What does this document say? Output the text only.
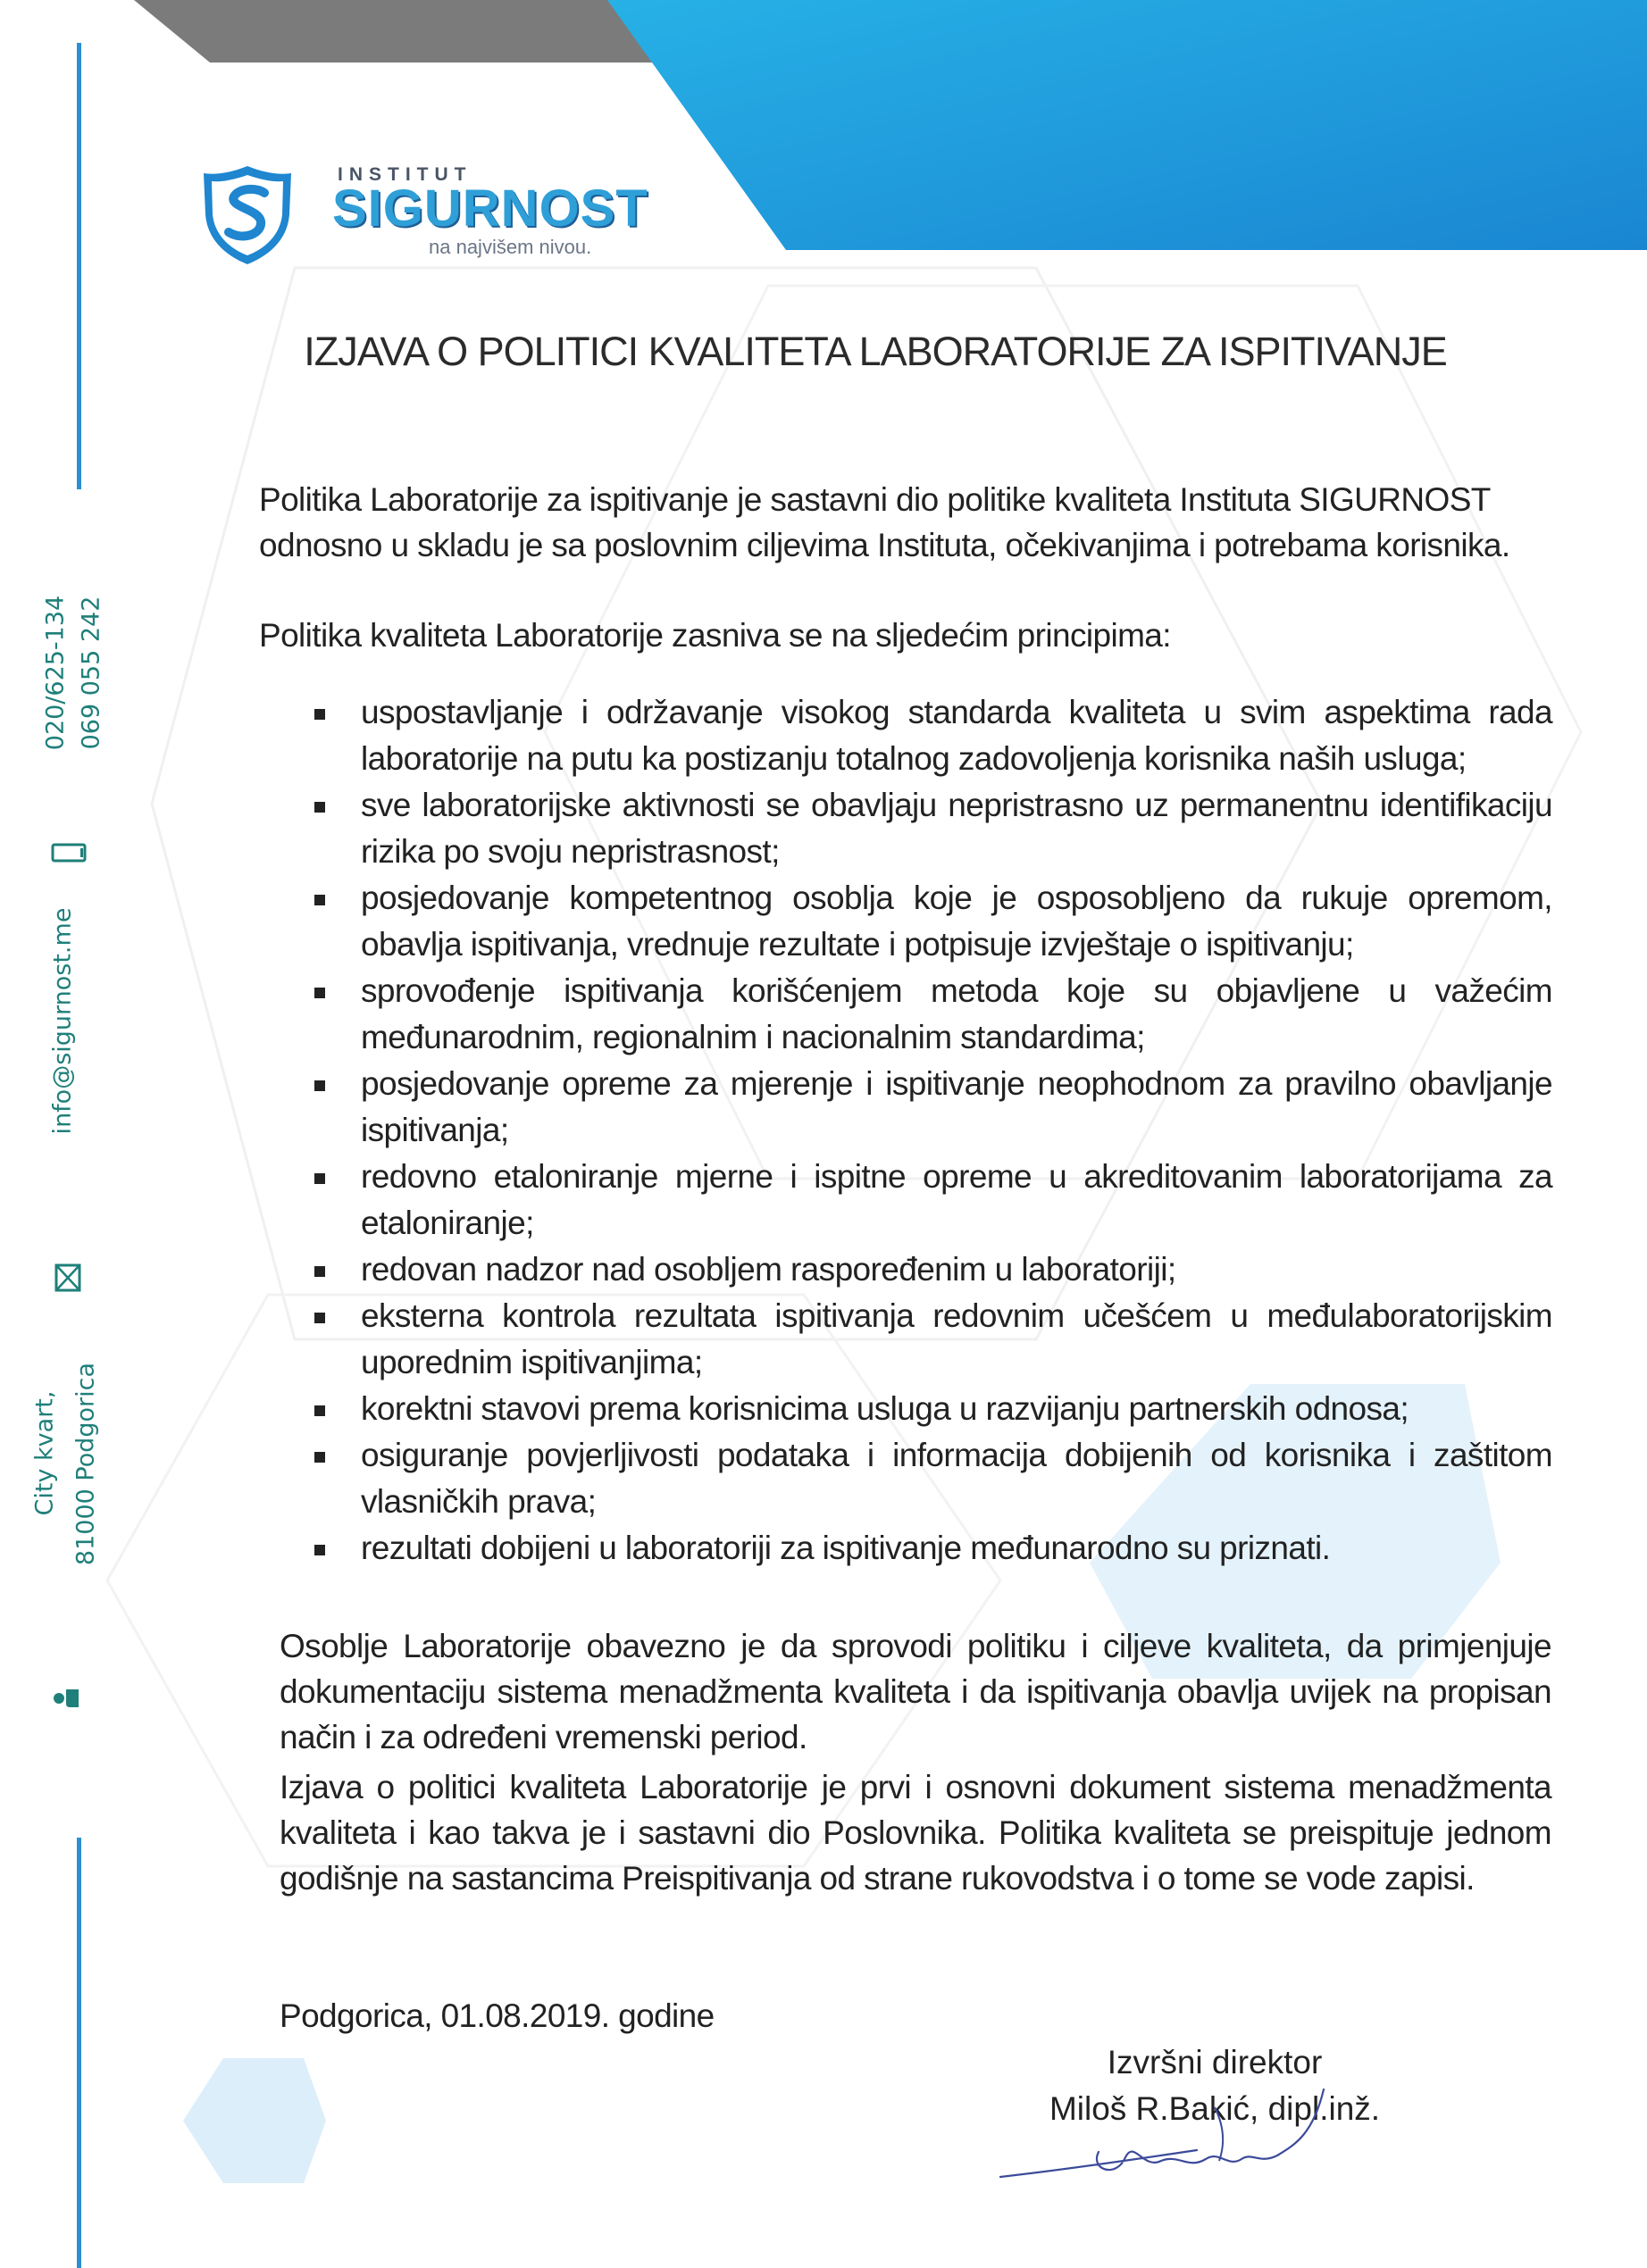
INSTITUT
SIGURNOST
na najvišem nivou.
020/625-134 069 055 242
info@sigurnost.me
City kvart, 81000 Podgorica
IZJAVA O POLITICI KVALITETA LABORATORIJE ZA ISPITIVANJE
Politika Laboratorije za ispitivanje je sastavni dio politike kvaliteta Instituta SIGURNOST odnosno u skladu je sa poslovnim ciljevima Instituta, očekivanjima i potrebama korisnika.
Politika kvaliteta Laboratorije zasniva se na sljedećim principima:
uspostavljanje i održavanje visokog standarda kvaliteta u svim aspektima rada laboratorije na putu ka postizanju totalnog zadovoljenja korisnika naših usluga;
sve laboratorijske aktivnosti se obavljaju nepristrasno uz permanentnu identifikaciju rizika po svoju nepristrasnost;
posjedovanje kompetentnog osoblja koje je osposobljeno da rukuje opremom, obavlja ispitivanja, vrednuje rezultate i potpisuje izvještaje o ispitivanju;
sprovođenje ispitivanja korišćenjem metoda koje su objavljene u važećim međunarodnim, regionalnim i nacionalnim standardima;
posjedovanje opreme za mjerenje i ispitivanje neophodnom za pravilno obavljanje ispitivanja;
redovno etaloniranje mjerne i ispitne opreme u akreditovanim laboratorijama za etaloniranje;
redovan nadzor nad osobljem raspoređenim u laboratoriji;
eksterna kontrola rezultata ispitivanja redovnim učešćem u međulaboratorijskim uporednim ispitivanjima;
korektni stavovi prema korisnicima usluga u razvijanju partnerskih odnosa;
osiguranje povjerljivosti podataka i informacija dobijenih od korisnika i zaštitom vlasničkih prava;
rezultati dobijeni u laboratoriji za ispitivanje međunarodno su priznati.
Osoblje Laboratorije obavezno je da sprovodi politiku i ciljeve kvaliteta, da primjenjuje dokumentaciju sistema menadžmenta kvaliteta i da ispitivanja obavlja uvijek na propisan način i za određeni vremenski period.
Izjava o politici kvaliteta Laboratorije je prvi i osnovni dokument sistema menadžmenta kvaliteta i kao takva je i sastavni dio Poslovnika. Politika kvaliteta se preispituje jednom godišnje na sastancima Preispitivanja od strane rukovodstva i o tome se vode zapisi.
Podgorica, 01.08.2019. godine
Izvršni direktor
Miloš R.Bakić, dipl.inž.
